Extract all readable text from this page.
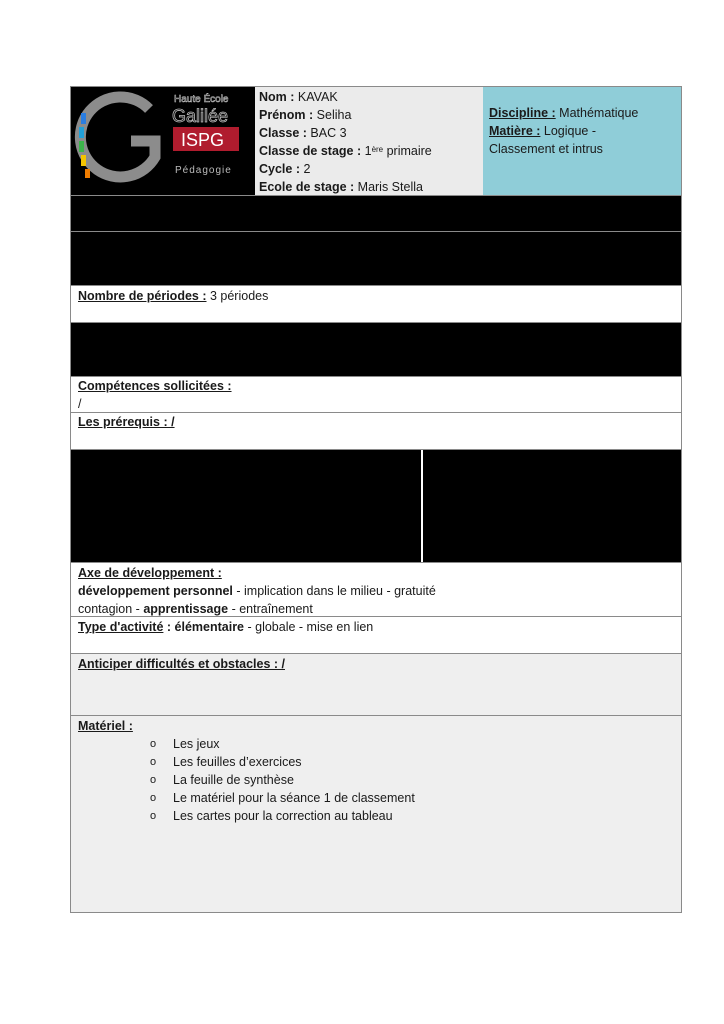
Haute École
Galilée
ISPG
Pédagogie
Nom : KAVAK
Prénom : Seliha
Classe : BAC 3
Classe de stage : 1ère primaire
Cycle : 2
Ecole de stage : Maris Stella
Discipline : Mathématique
Matière : Logique -
Classement et intrus
Nombre de périodes : 3 périodes
Compétences sollicitées :
/
Les prérequis : /
Axe de développement :
développement personnel - implication dans le milieu - gratuité
contagion - apprentissage - entraînement
Type d'activité : élémentaire - globale - mise en lien
Anticiper difficultés et obstacles : /
Matériel :
o Les jeux
o Les feuilles d’exercices
o La feuille de synthèse
o Le matériel pour la séance 1 de classement
o Les cartes pour la correction au tableau
